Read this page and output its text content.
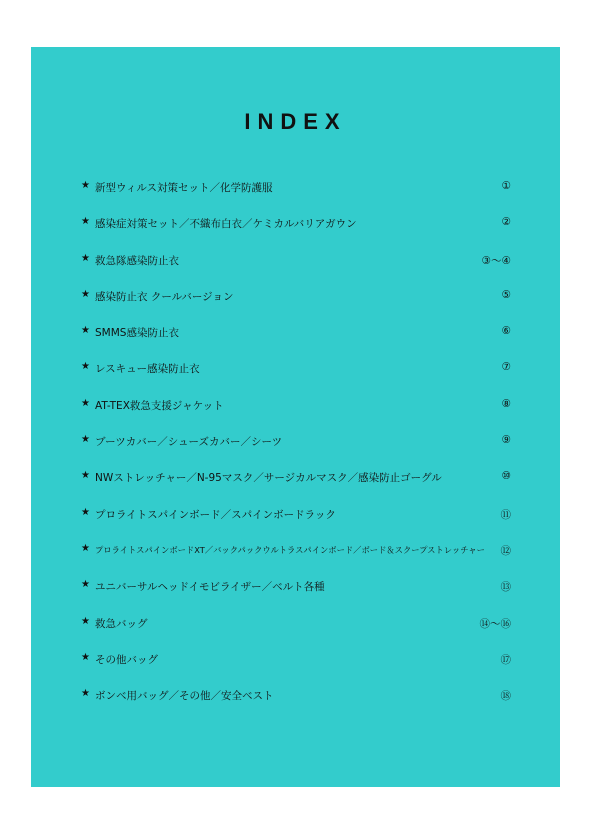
INDEX
★ 新型ウィルス対策セット／化学防護服	①
★ 感染症対策セット／不織布白衣／ケミカルバリアガウン	②
★ 救急隊感染防止衣	③～④
★ 感染防止衣 クールバージョン	⑤
★ SMMS感染防止衣	⑥
★ レスキュー感染防止衣	⑦
★ AT-TEX救急支援ジャケット	⑧
★ ブーツカバー／シューズカバー／シーツ	⑨
★ NWストレッチャー／N-95マスク／サージカルマスク／感染防止ゴーグル	⑩
★ プロライトスパインボード／スパインボードラック	⑪
★ プロライトスパインボードXT／バックパックウルトラスパインボード／ボード＆スクープストレッチャー ⑫
★ ユニバーサルヘッドイモビライザー／ベルト各種	⑬
★ 救急バッグ	⑭～⑯
★ その他バッグ	⑰
★ ボンベ用バッグ／その他／安全ベスト	⑱
